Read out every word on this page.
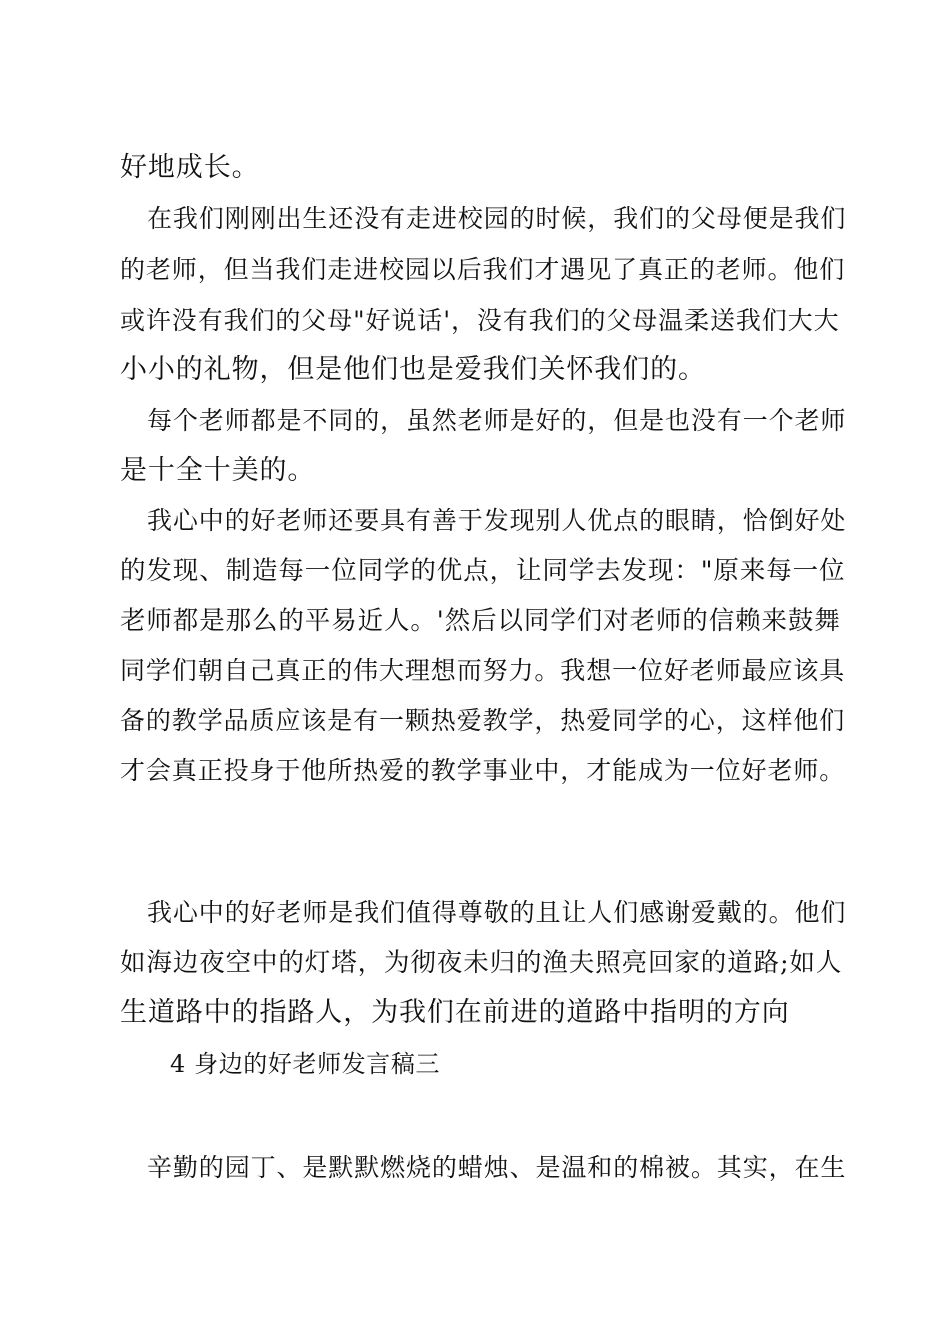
好地成长。
在我们刚刚出生还没有走进校园的时候，我们的父母便是我们
的老师，但当我们走进校园以后我们才遇见了真正的老师。他们
或许没有我们的父母"好说话'，没有我们的父母温柔送我们大大
小小的礼物，但是他们也是爱我们关怀我们的。
每个老师都是不同的，虽然老师是好的，但是也没有一个老师
是十全十美的。
我心中的好老师还要具有善于发现别人优点的眼睛，恰倒好处
的发现、制造每一位同学的优点，让同学去发现："原来每一位
老师都是那么的平易近人。'然后以同学们对老师的信赖来鼓舞
同学们朝自己真正的伟大理想而努力。我想一位好老师最应该具
备的教学品质应该是有一颗热爱教学，热爱同学的心，这样他们
才会真正投身于他所热爱的教学事业中，才能成为一位好老师。
我心中的好老师是我们值得尊敬的且让人们感谢爱戴的。他们
如海边夜空中的灯塔，为彻夜未归的渔夫照亮回家的道路;如人
生道路中的指路人，为我们在前进的道路中指明的方向
4 身边的好老师发言稿三
辛勤的园丁、是默默燃烧的蜡烛、是温和的棉被。其实，在生
